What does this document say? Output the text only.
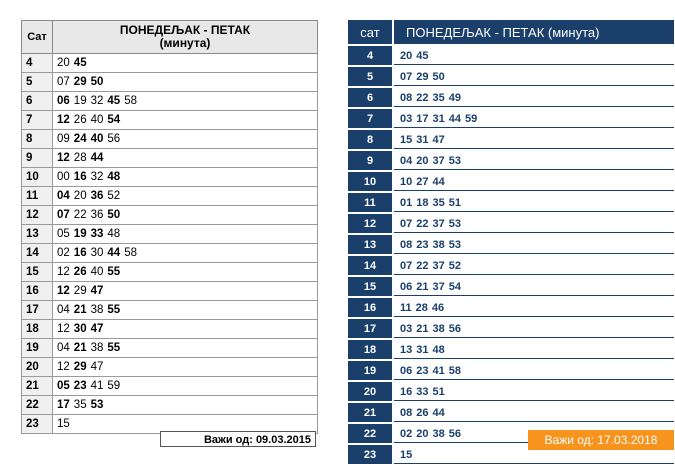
Сат	ПОНЕДЕЉАК - ПЕТАК
(минута)

4	20 45
5	07 29 50
6	06 19 32 45 58
7	12 26 40 54
8	09 24 40 56
9	12 28 44
10	00 16 32 48
11	04 20 36 52
12	07 22 36 50
13	05 19 33 48
14	02 16 30 44 58
15	12 26 40 55
16	12 29 47
17	04 21 38 55
18	12 30 47
19	04 21 38 55
20	12 29 47
21	05 23 41 59
22	17 35 53
23	15
Важи од: 09.03.2015
сат	ПОНЕДЕЉАК - ПЕТАК (минута)
4	20 45
5	07 29 50
6	08 22 35 49
7	03 17 31 44 59
8	15 31 47
9	04 20 37 53
10	10 27 44
11	01 18 35 51
12	07 22 37 53
13	08 23 38 53
14	07 22 37 52
15	06 21 37 54
16	11 28 46
17	03 21 38 56
18	13 31 48
19	06 23 41 58
20	16 33 51
21	08 26 44
22	02 20 38 56
23	15
Важи од: 17.03.2018
